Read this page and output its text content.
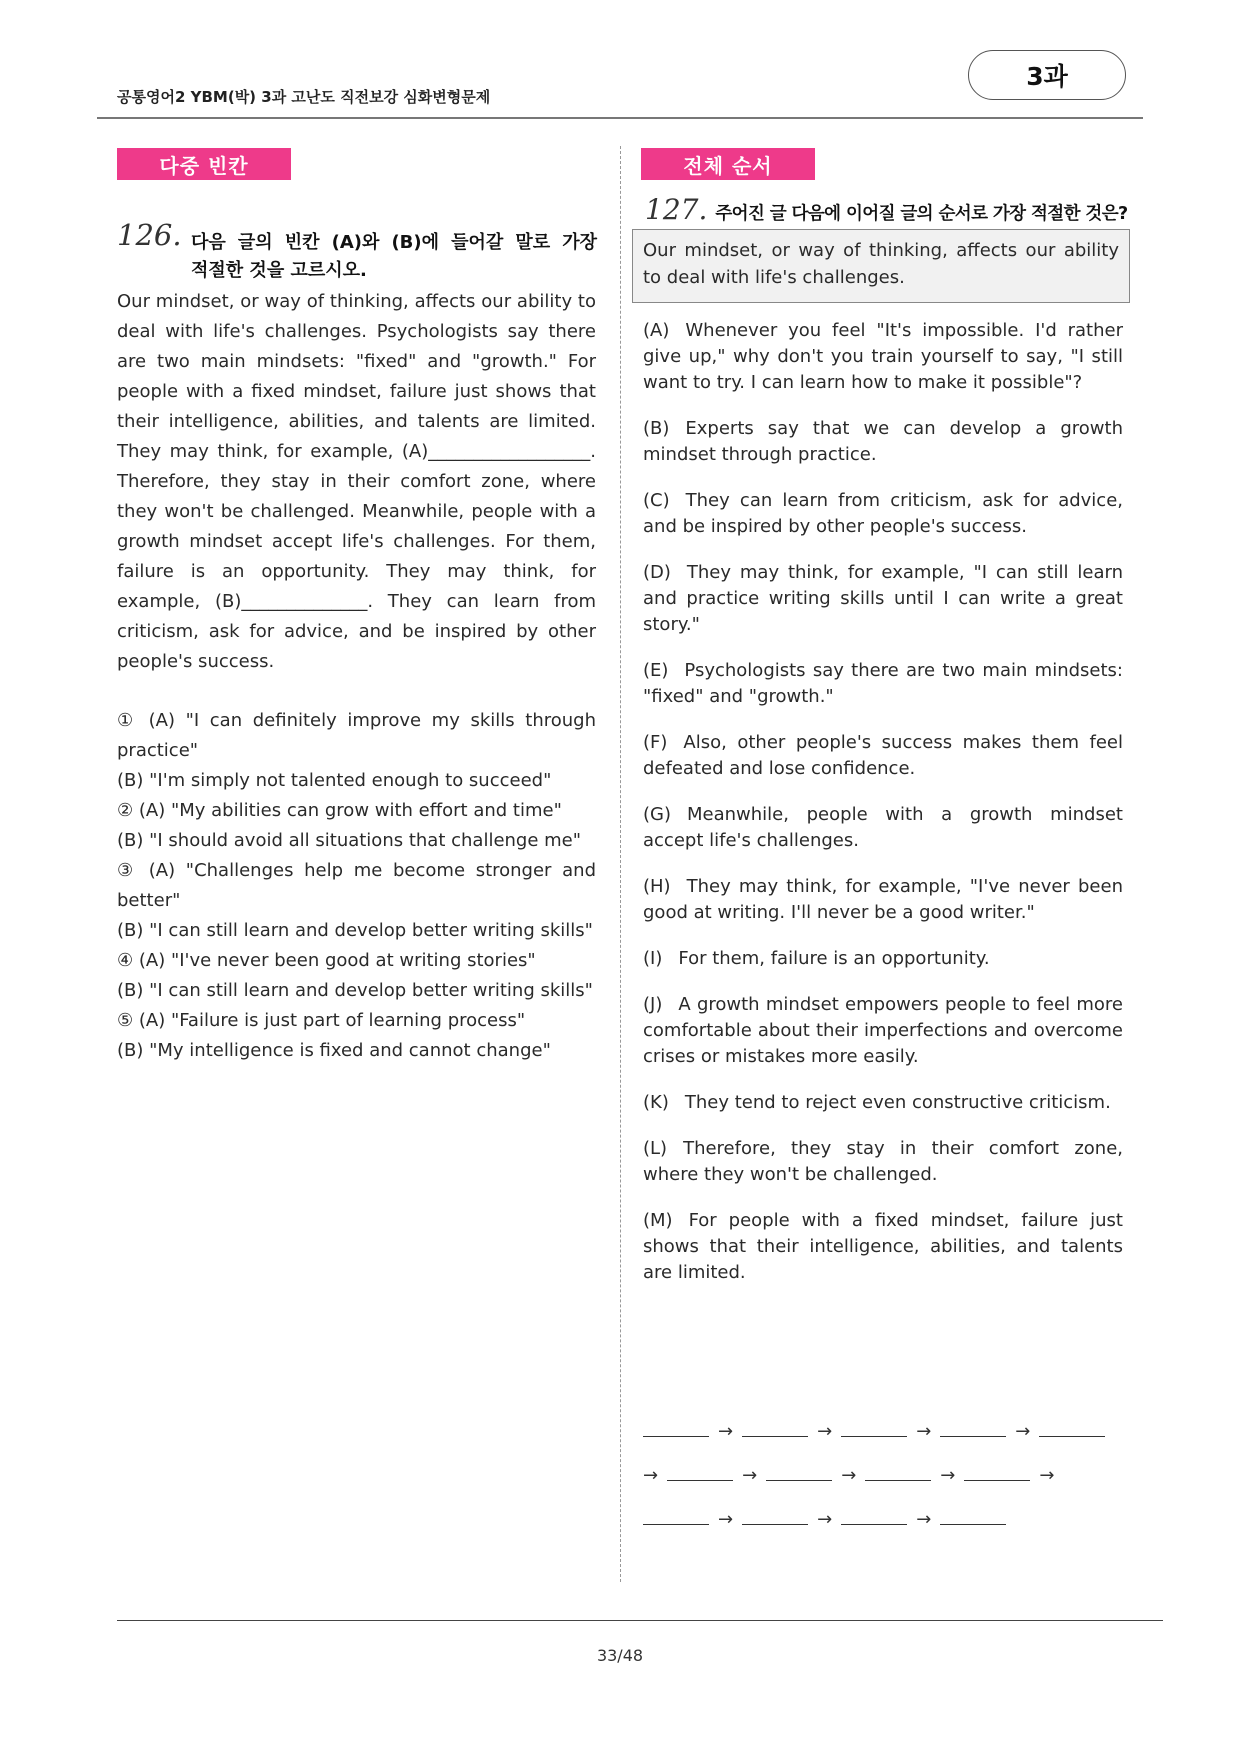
공통영어2 YBM(박) 3과 고난도 직전보강 심화변형문제
3과
다중 빈칸
126. 다음 글의 빈칸 (A)와 (B)에 들어갈 말로 가장
적절한 것을 고르시오.

Our mindset, or way of thinking, affects our ability to deal with life's challenges. Psychologists say there are two main mindsets: "fixed" and "growth." For people with a fixed mindset, failure just shows that their intelligence, abilities, and talents are limited. They may think, for example, (A)__________________. Therefore, they stay in their comfort zone, where they won't be challenged. Meanwhile, people with a growth mindset accept life's challenges. For them, failure is an opportunity. They may think, for example, (B)______________. They can learn from criticism, ask for advice, and be inspired by other people's success.

① (A) "I can definitely improve my skills through practice"

(B) "I'm simply not talented enough to succeed"

② (A) "My abilities can grow with effort and time"

(B) "I should avoid all situations that challenge me"

③ (A) "Challenges help me become stronger and better"

(B) "I can still learn and develop better writing skills"

④ (A) "I've never been good at writing stories"

(B) "I can still learn and develop better writing skills"

⑤ (A) "Failure is just part of learning process"

(B) "My intelligence is fixed and cannot change"

전체 순서
127. 주어진 글 다음에 이어질 글의 순서로 가장 적절한 것은?
Our mindset, or way of thinking, affects our ability to deal with life's challenges.

(A) Whenever you feel "It's impossible. I'd rather give up," why don't you train yourself to say, "I still want to try. I can learn how to make it possible"?

(B) Experts say that we can develop a growth mindset through practice.

(C) They can learn from criticism, ask for advice, and be inspired by other people's success.

(D) They may think, for example, "I can still learn and practice writing skills until I can write a great story."

(E) Psychologists say there are two main mindsets: "fixed" and "growth."

(F) Also, other people's success makes them feel defeated and lose confidence.

(G) Meanwhile, people with a growth mindset accept life's challenges.

(H) They may think, for example, "I've never been good at writing. I'll never be a good writer."

(I) For them, failure is an opportunity.

(J) A growth mindset empowers people to feel more comfortable about their imperfections and overcome crises or mistakes more easily.

(K) They tend to reject even constructive criticism.

(L) Therefore, they stay in their comfort zone, where they won't be challenged.

(M) For people with a fixed mindset, failure just shows that their intelligence, abilities, and talents are limited.

→	→	→	→
→	→	→	→	→
→	→	→
33/48
